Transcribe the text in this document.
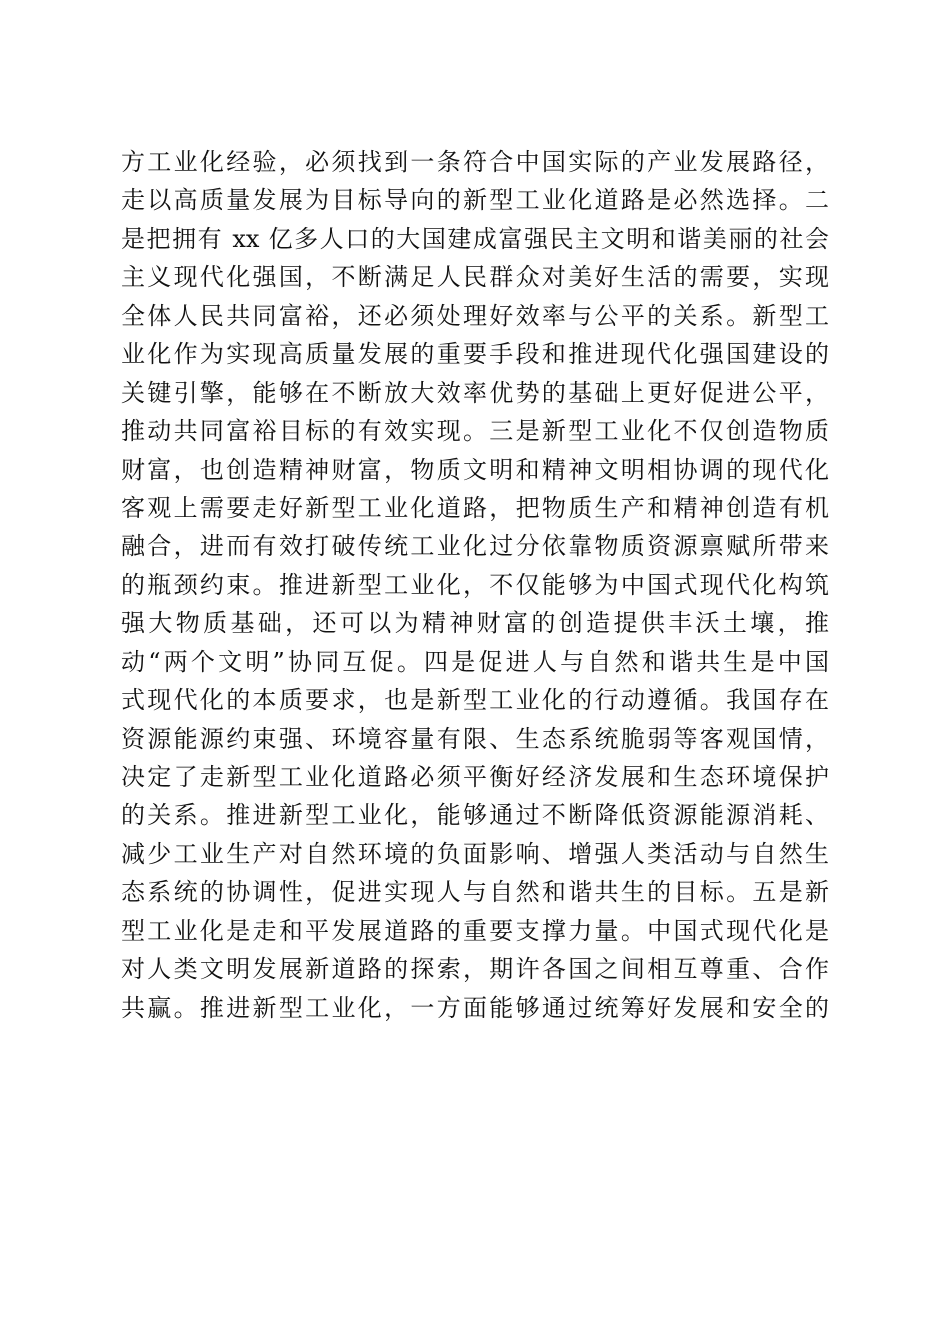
方工业化经验，必须找到一条符合中国实际的产业发展路径，
走以高质量发展为目标导向的新型工业化道路是必然选择。二
是把拥有 xx 亿多人口的大国建成富强民主文明和谐美丽的社会
主义现代化强国，不断满足人民群众对美好生活的需要，实现
全体人民共同富裕，还必须处理好效率与公平的关系。新型工
业化作为实现高质量发展的重要手段和推进现代化强国建设的
关键引擎，能够在不断放大效率优势的基础上更好促进公平，
推动共同富裕目标的有效实现。三是新型工业化不仅创造物质
财富，也创造精神财富，物质文明和精神文明相协调的现代化
客观上需要走好新型工业化道路，把物质生产和精神创造有机
融合，进而有效打破传统工业化过分依靠物质资源禀赋所带来
的瓶颈约束。推进新型工业化，不仅能够为中国式现代化构筑
强大物质基础，还可以为精神财富的创造提供丰沃土壤，推
动“两个文明”协同互促。四是促进人与自然和谐共生是中国
式现代化的本质要求，也是新型工业化的行动遵循。我国存在
资源能源约束强、环境容量有限、生态系统脆弱等客观国情，
决定了走新型工业化道路必须平衡好经济发展和生态环境保护
的关系。推进新型工业化，能够通过不断降低资源能源消耗、
减少工业生产对自然环境的负面影响、增强人类活动与自然生
态系统的协调性，促进实现人与自然和谐共生的目标。五是新
型工业化是走和平发展道路的重要支撑力量。中国式现代化是
对人类文明发展新道路的探索，期许各国之间相互尊重、合作
共赢。推进新型工业化，一方面能够通过统筹好发展和安全的
